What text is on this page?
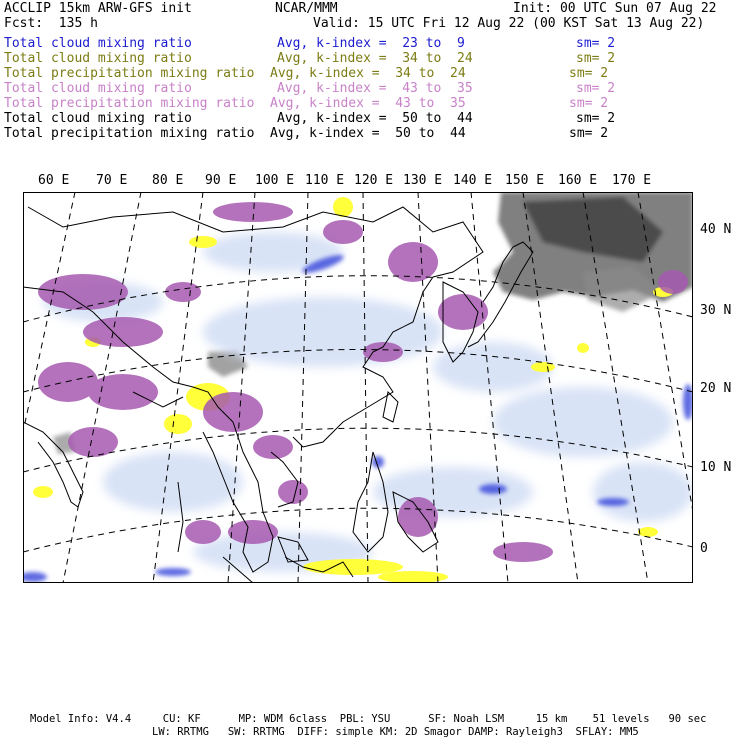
ACCLIP 15km ARW-GFS init	NCAR/MMM	Init: 00 UTC Sun 07 Aug 22
Fcst:  135 h	Valid: 15 UTC Fri 12 Aug 22 (00 KST Sat 13 Aug 22)
Total cloud mixing ratio	Avg, k-index =  23 to  9	sm= 2
Total cloud mixing ratio	Avg, k-index =  34 to  24	sm= 2
Total precipitation mixing ratio Avg, k-index =  34 to  24	sm= 2
Total cloud mixing ratio	Avg, k-index =  43 to  35	sm= 2
Total precipitation mixing ratio Avg, k-index =  43 to  35	sm= 2
Total cloud mixing ratio	Avg, k-index =  50 to  44	sm= 2
Total precipitation mixing ratio Avg, k-index =  50 to  44	sm= 2
60 E 70 E 80 E 90 E 100 E 110 E 120 E 130 E 140 E 150 E 160 E 170 E
40 N
30 N
20 N
10 N
0
Model Info: V4.4     CU: KF      MP: WDM 6class  PBL: YSU      SF: Noah LSM     15 km    51 levels   90 sec
LW: RRTMG   SW: RRTMG  DIFF: simple KM: 2D Smagor DAMP: Rayleigh3  SFLAY: MM5
